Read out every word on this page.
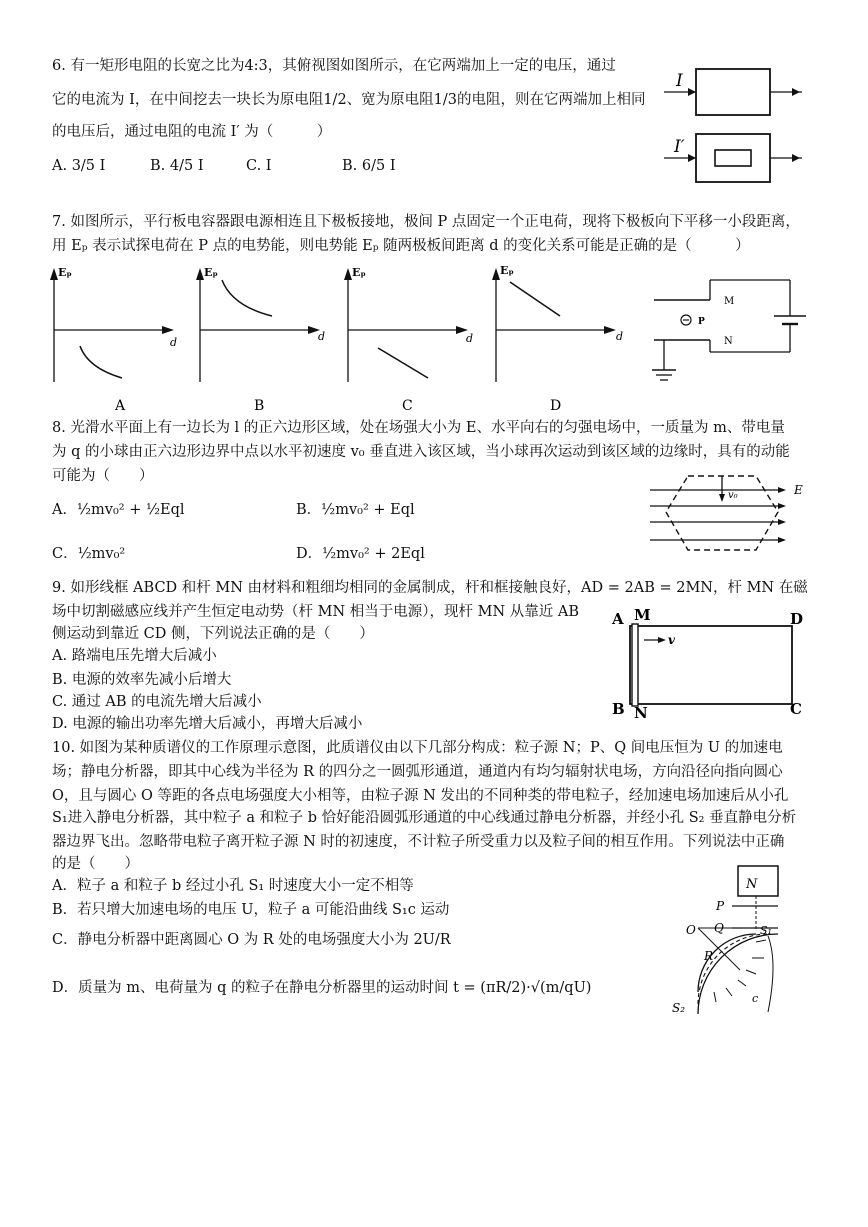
6. 有一矩形电阻的长宽之比为4:3，其俯视图如图所示，在它两端加上一定的电压，通过
它的电流为 I，在中间挖去一块长为原电阻1/2、宽为原电阻1/3的电阻，则在它两端加上相同
的电压后，通过电阻的电流 I′ 为（　　　）
A. 3/5 I	B. 4/5 I	C. I	B. 6/5 I
I
I′
7. 如图所示，平行板电容器跟电源相连且下极板接地，极间 P 点固定一个正电荷，现将下极板向下平移一小段距离，
用 Eₚ 表示试探电荷在 P 点的电势能，则电势能 Eₚ 随两极板间距离 d 的变化关系可能是正确的是（　　　）
Eₚ
d
A
Eₚ
d
B
Eₚ
d
C
Eₚ
d
D
M
P
N
8. 光滑水平面上有一边长为 l 的正六边形区域，处在场强大小为 E、水平向右的匀强电场中，一质量为 m、带电量
为 q 的小球由正六边形边界中点以水平初速度 v₀ 垂直进入该区域，当小球再次运动到该区域的边缘时，具有的动能
可能为（　　）
A．½mv₀² + ½Eql	B．½mv₀² + Eql
C．½mv₀²	D．½mv₀² + 2Eql
v₀	E
9. 如形线框 ABCD 和杆 MN 由材料和粗细均相同的金属制成，杆和框接触良好，AD = 2AB = 2MN，杆 MN 在磁
场中切割磁感应线并产生恒定电动势（杆 MN 相当于电源），现杆 MN 从靠近 AB
侧运动到靠近 CD 侧，下列说法正确的是（　　）
A. 路端电压先增大后减小
B. 电源的效率先减小后增大
C. 通过 AB 的电流先增大后减小
D. 电源的输出功率先增大后减小，再增大后减小
A M	D
v
B N	C
10. 如图为某种质谱仪的工作原理示意图，此质谱仪由以下几部分构成：粒子源 N；P、Q 间电压恒为 U 的加速电
场；静电分析器，即其中心线为半径为 R 的四分之一圆弧形通道，通道内有均匀辐射状电场，方向沿径向指向圆心
O，且与圆心 O 等距的各点电场强度大小相等，由粒子源 N 发出的不同种类的带电粒子，经加速电场加速后从小孔
S₁进入静电分析器，其中粒子 a 和粒子 b 恰好能沿圆弧形通道的中心线通过静电分析器，并经小孔 S₂ 垂直静电分析
器边界飞出。忽略带电粒子离开粒子源 N 时的初速度，不计粒子所受重力以及粒子间的相互作用。下列说法中正确
的是（　　）
A．粒子 a 和粒子 b 经过小孔 S₁ 时速度大小一定不相等
B．若只增大加速电场的电压 U，粒子 a 可能沿曲线 S₁c 运动
C．静电分析器中距离圆心 O 为 R 处的电场强度大小为 2U/R
D．质量为 m、电荷量为 q 的粒子在静电分析器里的运动时间 t = (πR/2)·√(m/qU)
N
P
O Q	S₁
R
S₂
c
